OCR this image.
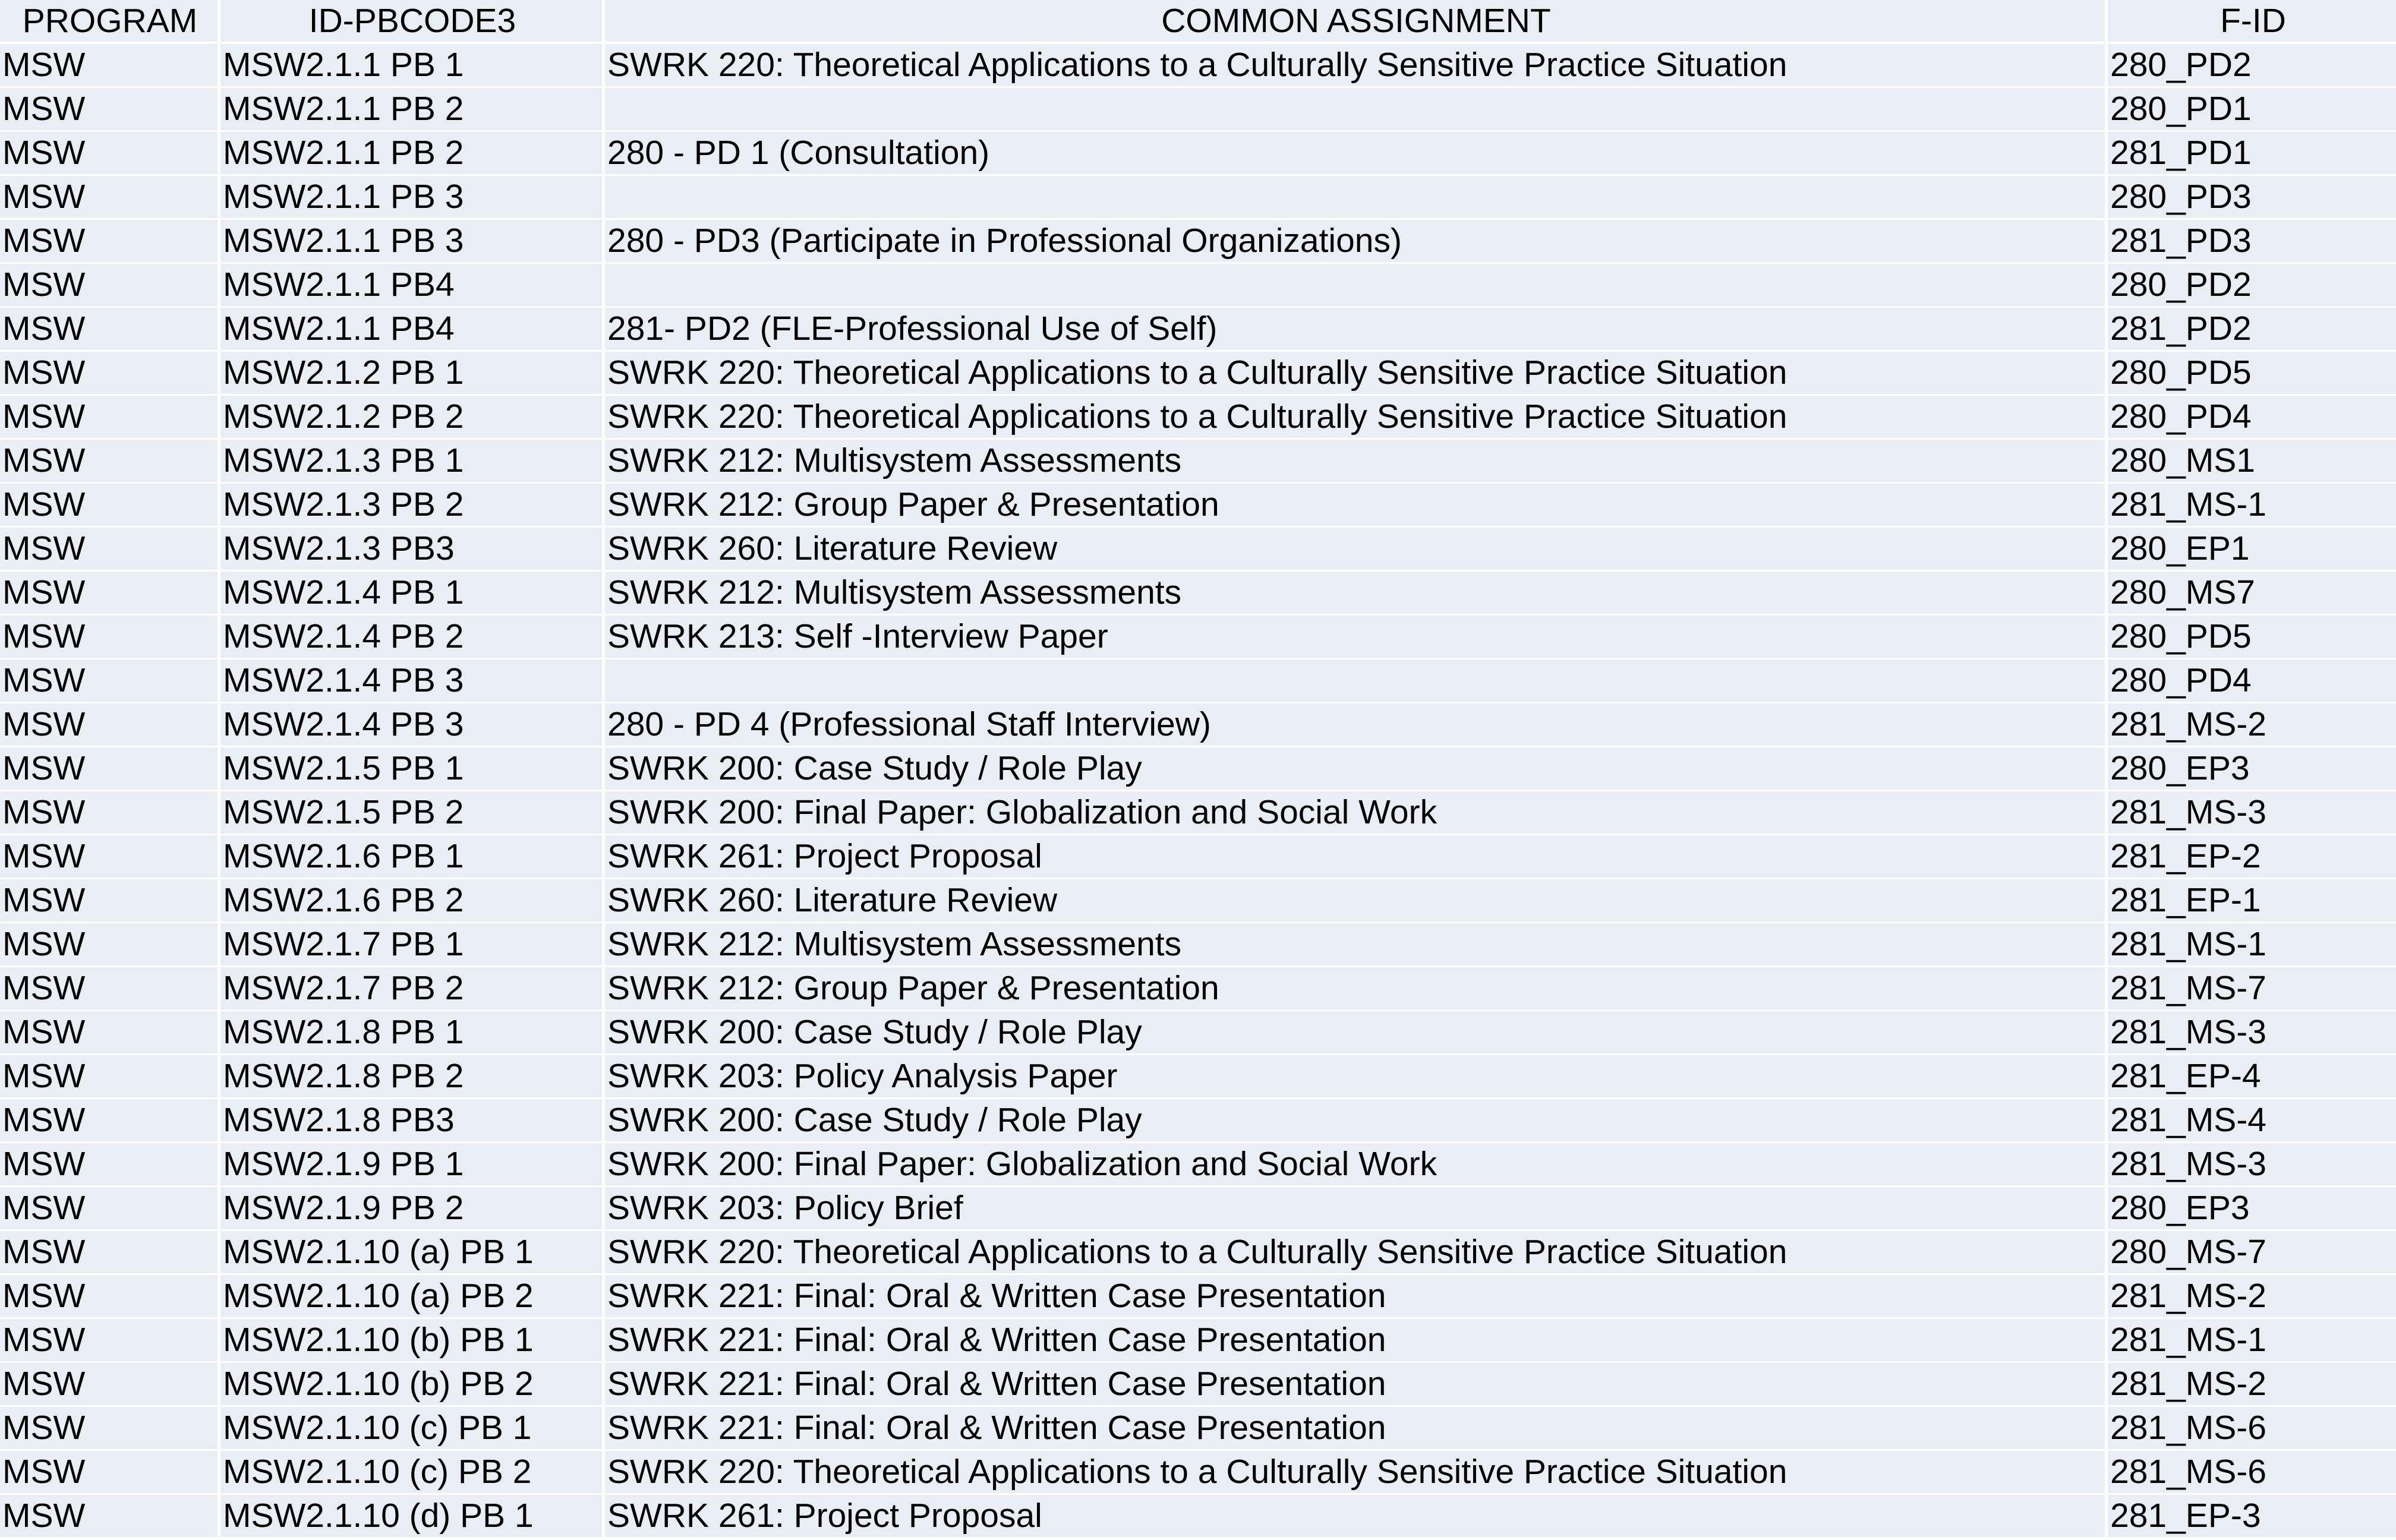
PROGRAM	ID-PBCODE3	COMMON ASSIGNMENT	F-ID
MSW	MSW2.1.1 PB 1	SWRK 220: Theoretical Applications to a Culturally Sensitive Practice Situation	280_PD2
MSW	MSW2.1.1 PB 2		280_PD1
MSW	MSW2.1.1 PB 2	280 - PD 1 (Consultation)	281_PD1
MSW	MSW2.1.1 PB 3		280_PD3
MSW	MSW2.1.1 PB 3	280 - PD3 (Participate in Professional Organizations)	281_PD3
MSW	MSW2.1.1 PB4		280_PD2
MSW	MSW2.1.1 PB4	281- PD2 (FLE-Professional Use of Self)	281_PD2
MSW	MSW2.1.2 PB 1	SWRK 220: Theoretical Applications to a Culturally Sensitive Practice Situation	280_PD5
MSW	MSW2.1.2 PB 2	SWRK 220: Theoretical Applications to a Culturally Sensitive Practice Situation	280_PD4
MSW	MSW2.1.3 PB 1	SWRK 212: Multisystem Assessments	280_MS1
MSW	MSW2.1.3 PB 2	SWRK 212: Group Paper & Presentation	281_MS-1
MSW	MSW2.1.3 PB3	SWRK 260: Literature Review	280_EP1
MSW	MSW2.1.4 PB 1	SWRK 212: Multisystem Assessments	280_MS7
MSW	MSW2.1.4 PB 2	SWRK 213: Self -Interview Paper	280_PD5
MSW	MSW2.1.4 PB 3		280_PD4
MSW	MSW2.1.4 PB 3	280 - PD 4 (Professional Staff Interview)	281_MS-2
MSW	MSW2.1.5 PB 1	SWRK 200: Case Study / Role Play	280_EP3
MSW	MSW2.1.5 PB 2	SWRK 200: Final Paper: Globalization and Social Work	281_MS-3
MSW	MSW2.1.6 PB 1	SWRK 261: Project Proposal	281_EP-2
MSW	MSW2.1.6 PB 2	SWRK 260: Literature Review	281_EP-1
MSW	MSW2.1.7 PB 1	SWRK 212: Multisystem Assessments	281_MS-1
MSW	MSW2.1.7 PB 2	SWRK 212: Group Paper & Presentation	281_MS-7
MSW	MSW2.1.8 PB 1	SWRK 200: Case Study / Role Play	281_MS-3
MSW	MSW2.1.8 PB 2	SWRK 203: Policy Analysis Paper	281_EP-4
MSW	MSW2.1.8 PB3	SWRK 200: Case Study / Role Play	281_MS-4
MSW	MSW2.1.9 PB 1	SWRK 200: Final Paper: Globalization and Social Work	281_MS-3
MSW	MSW2.1.9 PB 2	SWRK 203: Policy Brief	280_EP3
MSW	MSW2.1.10 (a) PB 1	SWRK 220: Theoretical Applications to a Culturally Sensitive Practice Situation	280_MS-7
MSW	MSW2.1.10 (a) PB 2	SWRK 221: Final: Oral & Written Case Presentation	281_MS-2
MSW	MSW2.1.10 (b) PB 1	SWRK 221: Final: Oral & Written Case Presentation	281_MS-1
MSW	MSW2.1.10 (b) PB 2	SWRK 221: Final: Oral & Written Case Presentation	281_MS-2
MSW	MSW2.1.10 (c) PB 1	SWRK 221: Final: Oral & Written Case Presentation	281_MS-6
MSW	MSW2.1.10 (c) PB 2	SWRK 220: Theoretical Applications to a Culturally Sensitive Practice Situation	281_MS-6
MSW	MSW2.1.10 (d) PB 1	SWRK 261: Project Proposal	281_EP-3
